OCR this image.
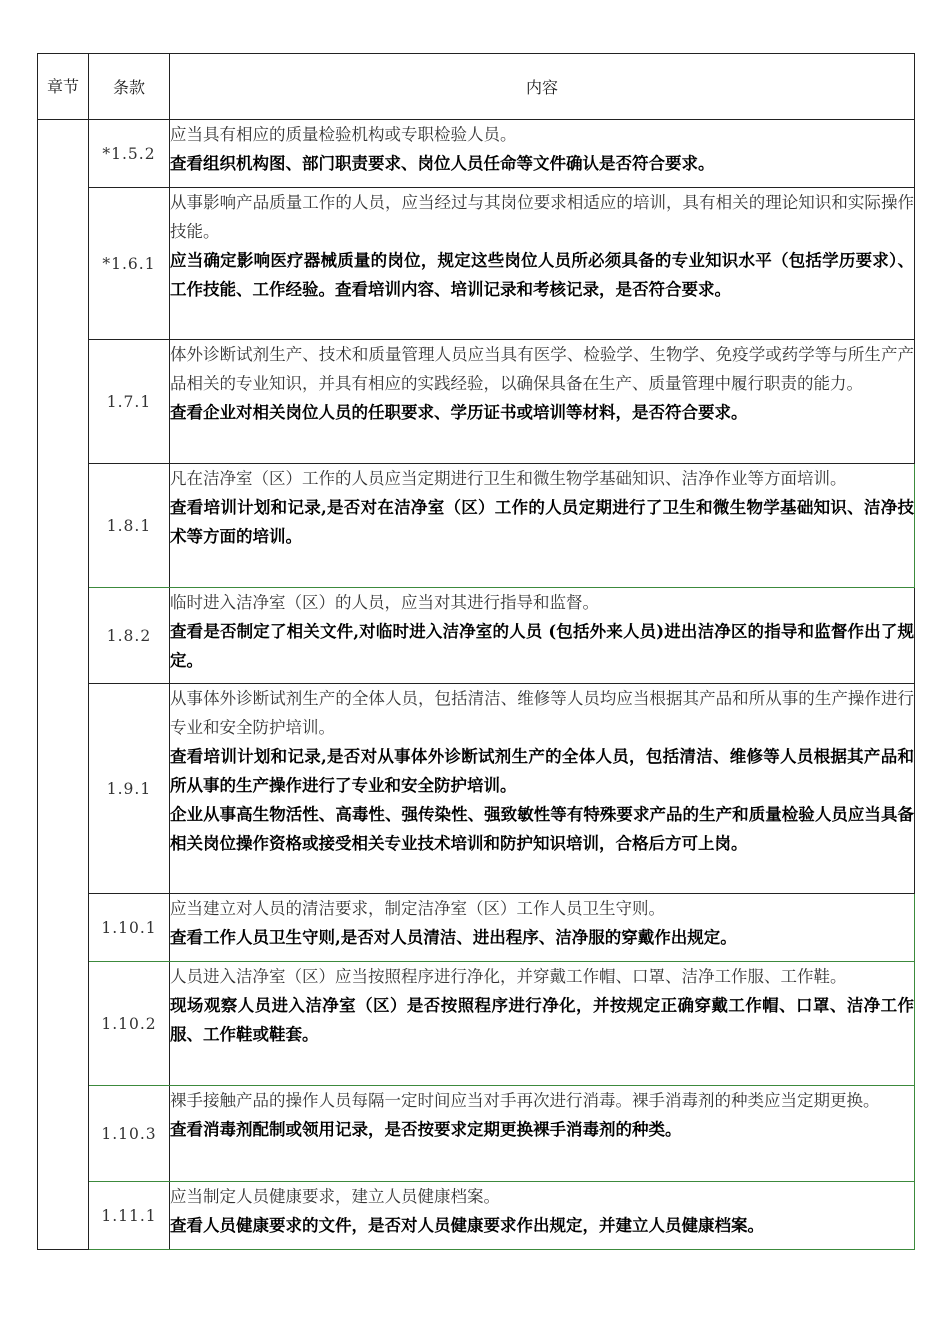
章节	条款	内容
	*1.5.2	应当具有相应的质量检验机构或专职检验人员。
查看组织机构图、部门职责要求、岗位人员任命等文件确认是否符合要求。

	*1.6.1	从事影响产品质量工作的人员，应当经过与其岗位要求相适应的培训，具有相关的理论知识和实际操作技能。
应当确定影响医疗器械质量的岗位，规定这些岗位人员所必须具备的专业知识水平（包括学历要求）、工作技能、工作经验。查看培训内容、培训记录和考核记录，是否符合要求。

	1.7.1	体外诊断试剂生产、技术和质量管理人员应当具有医学、检验学、生物学、免疫学或药学等与所生产产品相关的专业知识，并具有相应的实践经验，以确保具备在生产、质量管理中履行职责的能力。
查看企业对相关岗位人员的任职要求、学历证书或培训等材料，是否符合要求。

	1.8.1	凡在洁净室（区）工作的人员应当定期进行卫生和微生物学基础知识、洁净作业等方面培训。
查看培训计划和记录,是否对在洁净室（区）工作的人员定期进行了卫生和微生物学基础知识、洁净技术等方面的培训。

	1.8.2	临时进入洁净室（区）的人员，应当对其进行指导和监督。
查看是否制定了相关文件,对临时进入洁净室的人员 (包括外来人员)进出洁净区的指导和监督作出了规定。

	1.9.1	从事体外诊断试剂生产的全体人员，包括清洁、维修等人员均应当根据其产品和所从事的生产操作进行专业和安全防护培训。
查看培训计划和记录,是否对从事体外诊断试剂生产的全体人员，包括清洁、维修等人员根据其产品和所从事的生产操作进行了专业和安全防护培训。
企业从事高生物活性、高毒性、强传染性、强致敏性等有特殊要求产品的生产和质量检验人员应当具备相关岗位操作资格或接受相关专业技术培训和防护知识培训，合格后方可上岗。

	1.10.1	应当建立对人员的清洁要求，制定洁净室（区）工作人员卫生守则。
查看工作人员卫生守则,是否对人员清洁、进出程序、洁净服的穿戴作出规定。

	1.10.2	人员进入洁净室（区）应当按照程序进行净化，并穿戴工作帽、口罩、洁净工作服、工作鞋。
现场观察人员进入洁净室（区）是否按照程序进行净化，并按规定正确穿戴工作帽、口罩、洁净工作服、工作鞋或鞋套。

	1.10.3	裸手接触产品的操作人员每隔一定时间应当对手再次进行消毒。裸手消毒剂的种类应当定期更换。
查看消毒剂配制或领用记录，是否按要求定期更换裸手消毒剂的种类。

	1.11.1	应当制定人员健康要求，建立人员健康档案。
查看人员健康要求的文件，是否对人员健康要求作出规定，并建立人员健康档案。
